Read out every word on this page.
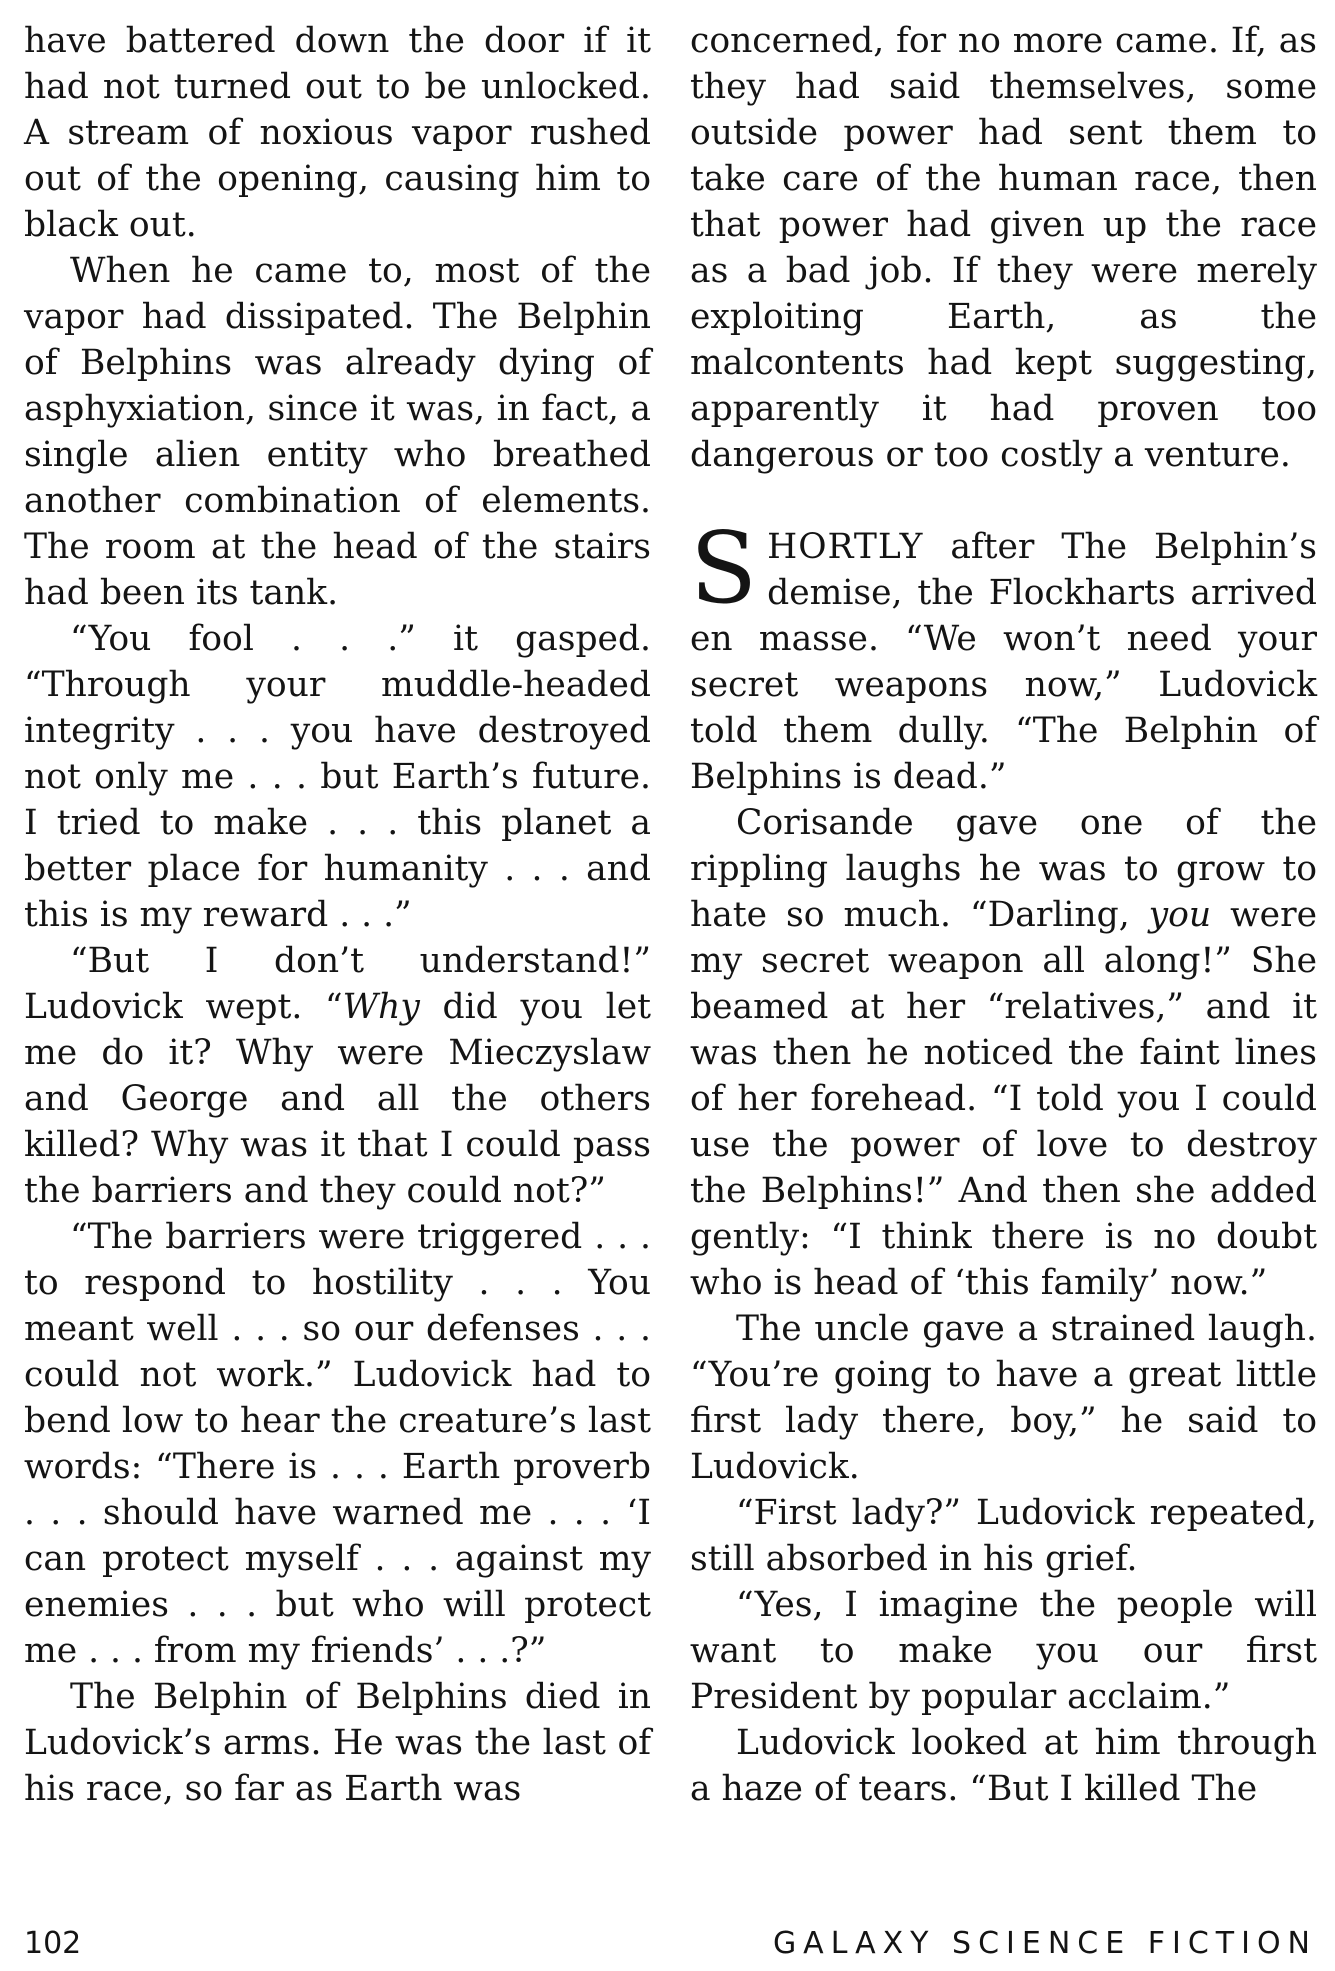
have battered down the door if it had not turned out to be unlocked. A stream of noxious vapor rushed out of the opening, causing him to black out.

When he came to, most of the vapor had dissipated. The Belphin of Belphins was already dying of asphyxiation, since it was, in fact, a single alien entity who breathed another combination of elements. The room at the head of the stairs had been its tank.

“You fool . . .” it gasped. “Through your muddle-headed integrity . . . you have destroyed not only me . . . but Earth’s future. I tried to make . . . this planet a better place for humanity . . . and this is my reward . . .”

“But I don’t understand!” Ludovick wept. “Why did you let me do it? Why were Mieczyslaw and George and all the others killed? Why was it that I could pass the barriers and they could not?”

“The barriers were triggered . . . to respond to hostility . . . You meant well . . . so our defenses . . . could not work.” Ludovick had to bend low to hear the creature’s last words: “There is . . . Earth proverb . . . should have warned me . . . ‘I can protect myself . . . against my enemies . . . but who will protect me . . . from my friends’ . . .?”

The Belphin of Belphins died in Ludovick’s arms. He was the last of his race, so far as Earth was

concerned, for no more came. If, as they had said themselves, some outside power had sent them to take care of the human race, then that power had given up the race as a bad job. If they were merely exploiting Earth, as the malcontents had kept suggesting, apparently it had proven too dangerous or too costly a venture.

SHORTLY after The Belphin’s demise, the Flockharts arrived en masse. “We won’t need your secret weapons now,” Ludovick told them dully. “The Belphin of Belphins is dead.”

Corisande gave one of the rippling laughs he was to grow to hate so much. “Darling, you were my secret weapon all along!” She beamed at her “relatives,” and it was then he noticed the faint lines of her forehead. “I told you I could use the power of love to destroy the Belphins!” And then she added gently: “I think there is no doubt who is head of ‘this family’ now.”

The uncle gave a strained laugh. “You’re going to have a great little first lady there, boy,” he said to Ludovick.

“First lady?” Ludovick repeated, still absorbed in his grief.

“Yes, I imagine the people will want to make you our first President by popular acclaim.”

Ludovick looked at him through a haze of tears. “But I killed The

102	GALAXY SCIENCE FICTION
